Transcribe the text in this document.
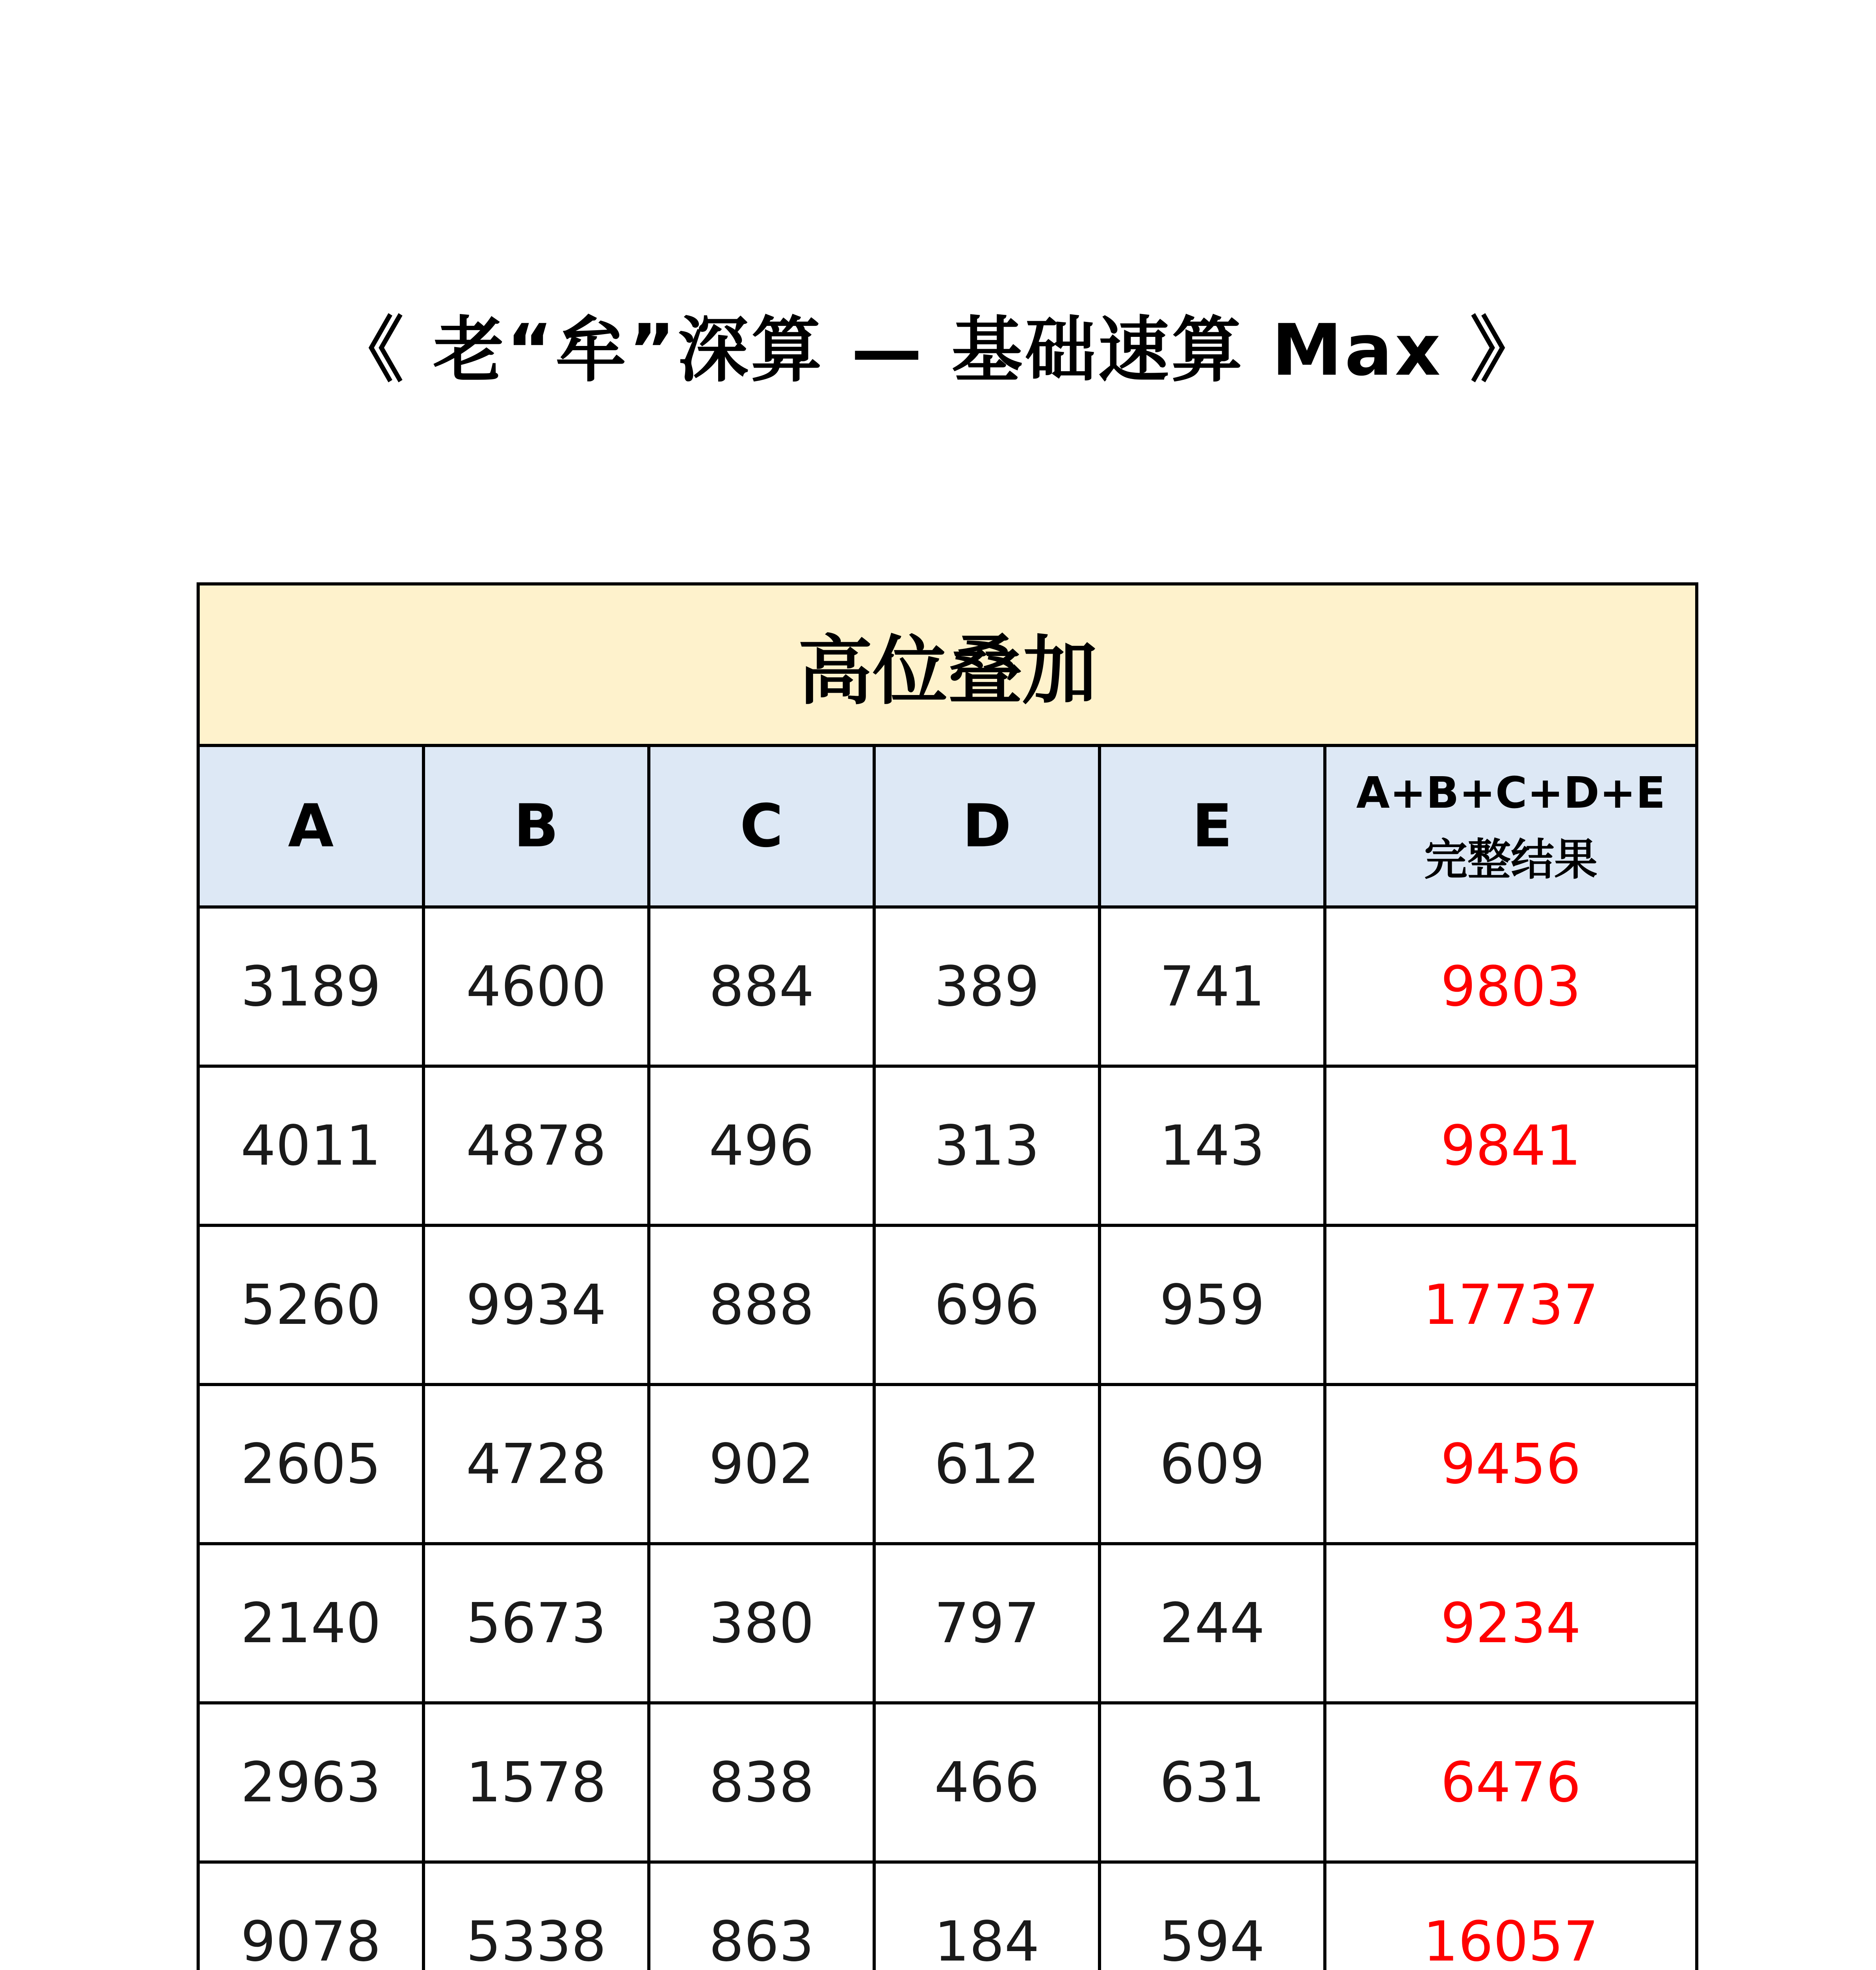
《 老“牟”深算 — 基础速算 Max 》
高位叠加					
A	B	C	D	E	A+B+C+D+E
完整结果

3189	4600	884	389	741	9803
4011	4878	496	313	143	9841
5260	9934	888	696	959	17737
2605	4728	902	612	609	9456
2140	5673	380	797	244	9234
2963	1578	838	466	631	6476
9078	5338	863	184	594	16057
